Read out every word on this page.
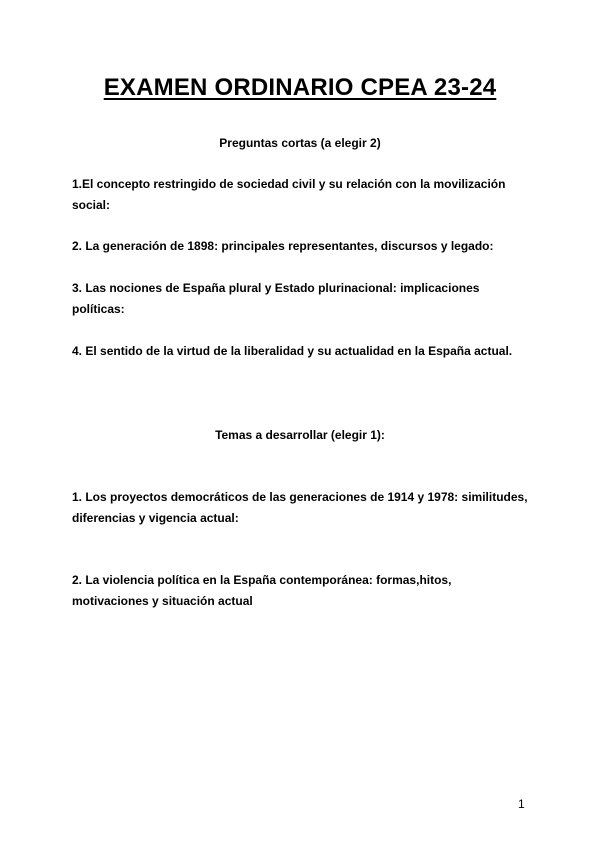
EXAMEN ORDINARIO CPEA 23-24

Preguntas cortas (a elegir 2)

1.El concepto restringido de sociedad civil y su relación con la movilización social:

2. La generación de 1898: principales representantes, discursos y legado:

3. Las nociones de España plural y Estado plurinacional: implicaciones políticas:

4. El sentido de la virtud de la liberalidad y su actualidad en la España actual.

Temas a desarrollar (elegir 1):

1. Los proyectos democráticos de las generaciones de 1914 y 1978: similitudes, diferencias y vigencia actual:

2. La violencia política en la España contemporánea: formas,hitos, motivaciones y situación actual

1
